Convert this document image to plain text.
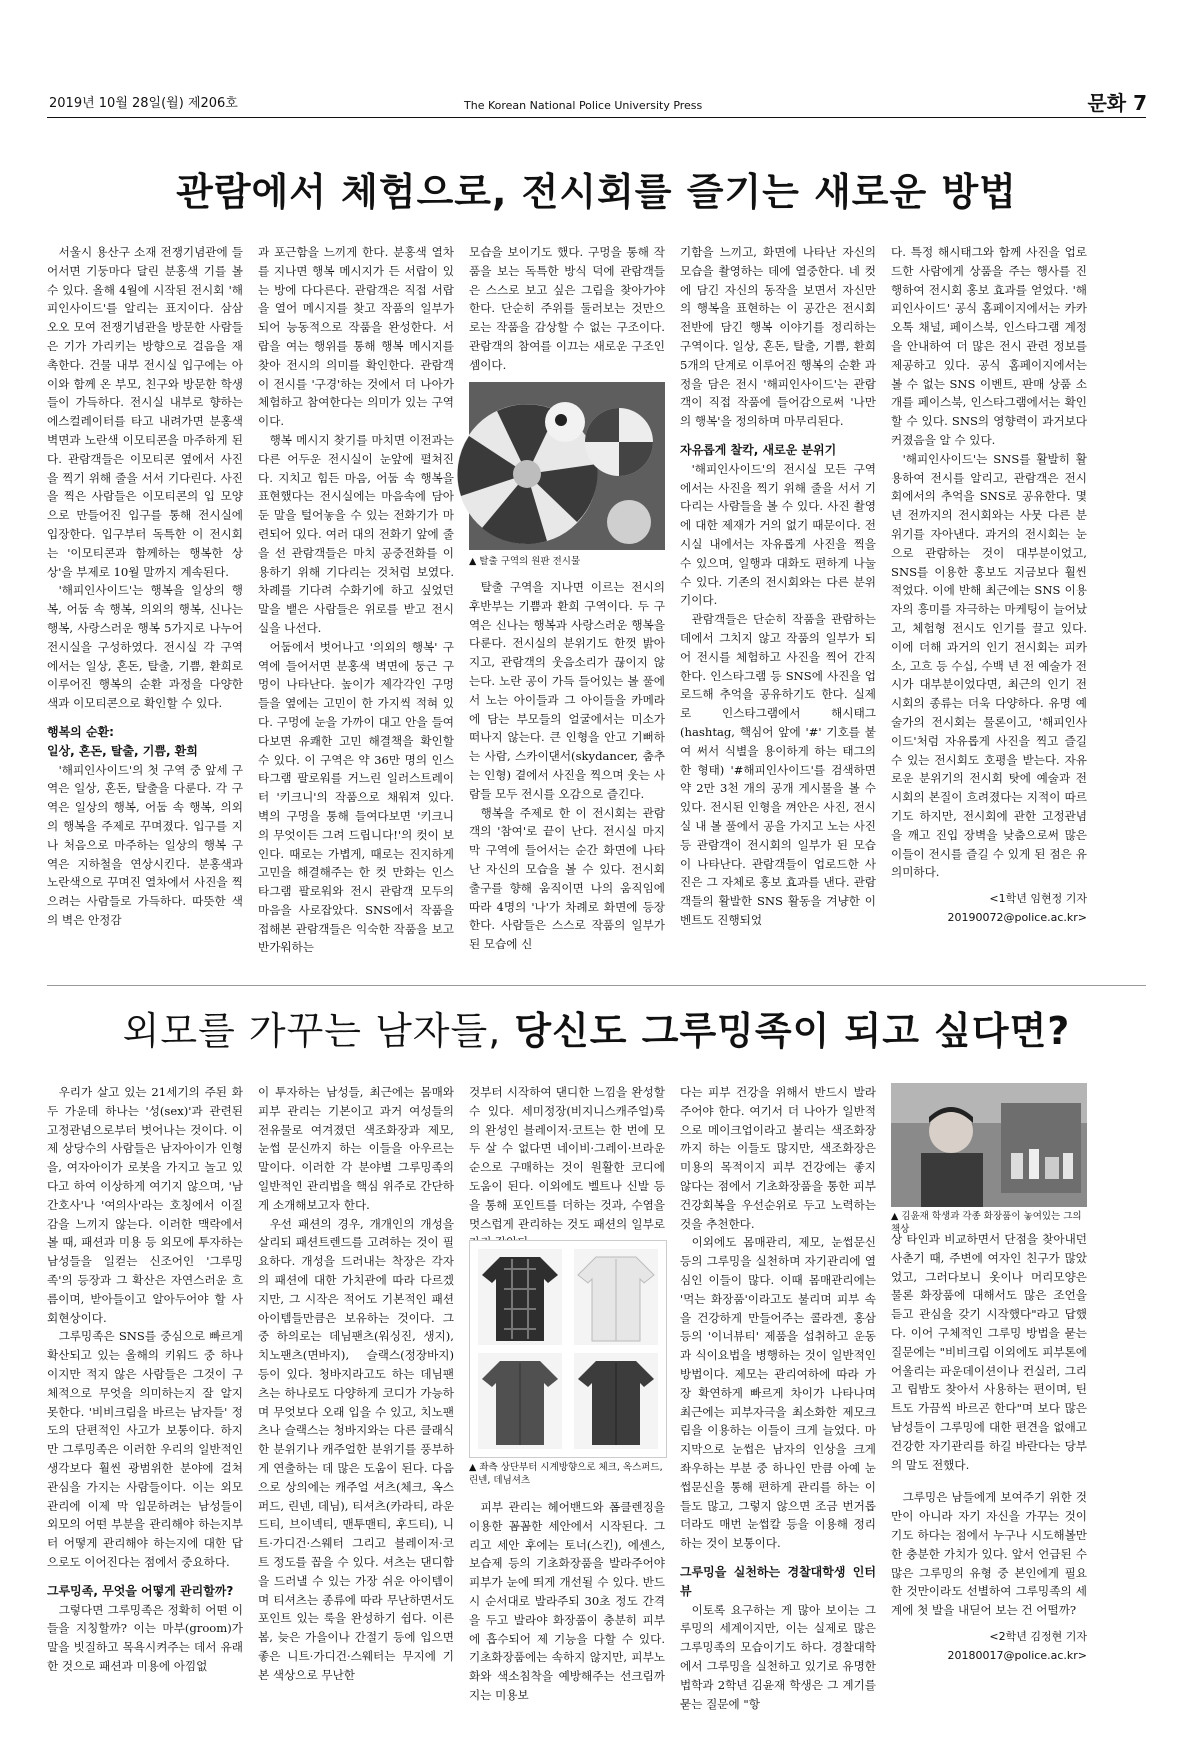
2019년 10월 28일(월) 제206호	The Korean National Police University Press	문화 7
관람에서 체험으로, 전시회를 즐기는 새로운 방법

서울시 용산구 소재 전쟁기념관에 들어서면 기둥마다 달린 분홍색 기를 볼 수 있다. 올해 4월에 시작된 전시회 '해피인사이드'를 알리는 표지이다. 삼삼오오 모여 전쟁기념관을 방문한 사람들은 기가 가리키는 방향으로 걸음을 재촉한다. 건물 내부 전시실 입구에는 아이와 함께 온 부모, 친구와 방문한 학생들이 가득하다. 전시실 내부로 향하는 에스컬레이터를 타고 내려가면 분홍색 벽면과 노란색 이모티콘을 마주하게 된다. 관람객들은 이모티콘 옆에서 사진을 찍기 위해 줄을 서서 기다린다. 사진을 찍은 사람들은 이모티콘의 입 모양으로 만들어진 입구를 통해 전시실에 입장한다. 입구부터 독특한 이 전시회는 '이모티콘과 함께하는 행복한 상상'을 부제로 10월 말까지 계속된다.

'해피인사이드'는 행복을 일상의 행복, 어둠 속 행복, 의외의 행복, 신나는 행복, 사랑스러운 행복 5가지로 나누어 전시실을 구성하였다. 전시실 각 구역에서는 일상, 혼돈, 탈출, 기쁨, 환희로 이루어진 행복의 순환 과정을 다양한 색과 이모티콘으로 확인할 수 있다.

행복의 순환:
일상, 혼돈, 탈출, 기쁨, 환희

'해피인사이드'의 첫 구역 중 앞세 구역은 일상, 혼돈, 탈출을 다룬다. 각 구역은 일상의 행복, 어둠 속 행복, 의외의 행복을 주제로 꾸며졌다. 입구를 지나 처음으로 마주하는 일상의 행복 구역은 지하철을 연상시킨다. 분홍색과 노란색으로 꾸며진 열차에서 사진을 찍으려는 사람들로 가득하다. 따뜻한 색의 벽은 안정감

과 포근함을 느끼게 한다. 분홍색 열차를 지나면 행복 메시지가 든 서랍이 있는 방에 다다른다. 관람객은 직접 서랍을 열어 메시지를 찾고 작품의 일부가 되어 능동적으로 작품을 완성한다. 서랍을 여는 행위를 통해 행복 메시지를 찾아 전시의 의미를 확인한다. 관람객이 전시를 '구경'하는 것에서 더 나아가 체험하고 참여한다는 의미가 있는 구역이다.

행복 메시지 찾기를 마치면 이전과는 다른 어두운 전시실이 눈앞에 펼쳐진다. 지치고 힘든 마음, 어둠 속 행복을 표현했다는 전시실에는 마음속에 담아 둔 말을 털어놓을 수 있는 전화기가 마련되어 있다. 여러 대의 전화기 앞에 줄을 선 관람객들은 마치 공중전화를 이용하기 위해 기다리는 것처럼 보였다. 차례를 기다려 수화기에 하고 싶었던 말을 뱉은 사람들은 위로를 받고 전시실을 나선다.

어둠에서 벗어나고 '의외의 행복' 구역에 들어서면 분홍색 벽면에 둥근 구멍이 나타난다. 높이가 제각각인 구멍들을 옆에는 고민이 한 가지씩 적혀 있다. 구멍에 눈을 가까이 대고 안을 들여다보면 유쾌한 고민 해결책을 확인할 수 있다. 이 구역은 약 36만 명의 인스타그램 팔로워를 거느린 일러스트레이터 '키크니'의 작품으로 채워져 있다. 벽의 구멍을 통해 들여다보면 '키크니의 무엇이든 그려 드립니다!'의 컷이 보인다. 때로는 가볍게, 때로는 진지하게 고민을 해결해주는 한 컷 만화는 인스타그램 팔로워와 전시 관람객 모두의 마음을 사로잡았다. SNS에서 작품을 접해본 관람객들은 익숙한 작품을 보고 반가워하는

모습을 보이기도 했다. 구멍을 통해 작품을 보는 독특한 방식 덕에 관람객들은 스스로 보고 싶은 그림을 찾아가야 한다. 단순히 주위를 둘러보는 것만으로는 작품을 감상할 수 없는 구조이다. 관람객의 참여를 이끄는 새로운 구조인 셈이다.

▲ 탈출 구역의 원판 전시물

탈출 구역을 지나면 이르는 전시의 후반부는 기쁨과 환희 구역이다. 두 구역은 신나는 행복과 사랑스러운 행복을 다룬다. 전시실의 분위기도 한껏 밝아지고, 관람객의 웃음소리가 끊이지 않는다. 노란 공이 가득 들어있는 볼 풀에서 노는 아이들과 그 아이들을 카메라에 담는 부모들의 얼굴에서는 미소가 떠나지 않는다. 큰 인형을 안고 기뻐하는 사람, 스카이댄서(skydancer, 춤추는 인형) 곁에서 사진을 찍으며 웃는 사람들 모두 전시를 오감으로 즐긴다.

행복을 주제로 한 이 전시회는 관람객의 '참여'로 끝이 난다. 전시실 마지막 구역에 들어서는 순간 화면에 나타난 자신의 모습을 볼 수 있다. 전시회 출구를 향해 움직이면 나의 움직임에 따라 4명의 '나'가 차례로 화면에 등장한다. 사람들은 스스로 작품의 일부가 된 모습에 신

기함을 느끼고, 화면에 나타난 자신의 모습을 촬영하는 데에 열중한다. 네 컷에 담긴 자신의 동작을 보면서 자신만의 행복을 표현하는 이 공간은 전시회 전반에 담긴 행복 이야기를 정리하는 구역이다. 일상, 혼돈, 탈출, 기쁨, 환희 5개의 단계로 이루어진 행복의 순환 과정을 담은 전시 '해피인사이드'는 관람객이 직접 작품에 들어감으로써 '나만의 행복'을 정의하며 마무리된다.

자유롭게 찰칵, 새로운 분위기

'해피인사이드'의 전시실 모든 구역에서는 사진을 찍기 위해 줄을 서서 기다리는 사람들을 볼 수 있다. 사진 촬영에 대한 제재가 거의 없기 때문이다. 전시실 내에서는 자유롭게 사진을 찍을 수 있으며, 일행과 대화도 편하게 나눌 수 있다. 기존의 전시회와는 다른 분위기이다.

관람객들은 단순히 작품을 관람하는 데에서 그치지 않고 작품의 일부가 되어 전시를 체험하고 사진을 찍어 간직한다. 인스타그램 등 SNS에 사진을 업로드해 추억을 공유하기도 한다. 실제로 인스타그램에서 해시태그(hashtag, 핵심어 앞에 '#' 기호를 붙여 써서 식별을 용이하게 하는 태그의 한 형태) '#해피인사이드'를 검색하면 약 2만 3천 개의 공개 게시물을 볼 수 있다. 전시된 인형을 껴안은 사진, 전시실 내 볼 풀에서 공을 가지고 노는 사진 등 관람객이 전시회의 일부가 된 모습이 나타난다. 관람객들이 업로드한 사진은 그 자체로 홍보 효과를 낸다. 관람객들의 활발한 SNS 활동을 겨냥한 이벤트도 진행되었

다. 특정 해시태그와 함께 사진을 업로드한 사람에게 상품을 주는 행사를 진행하여 전시회 홍보 효과를 얻었다. '해피인사이드' 공식 홈페이지에서는 카카오톡 채널, 페이스북, 인스타그램 계정을 안내하여 더 많은 전시 관련 정보를 제공하고 있다. 공식 홈페이지에서는 볼 수 없는 SNS 이벤트, 판매 상품 소개를 페이스북, 인스타그램에서는 확인할 수 있다. SNS의 영향력이 과거보다 커졌음을 알 수 있다.

'해피인사이드'는 SNS를 활발히 활용하여 전시를 알리고, 관람객은 전시회에서의 추억을 SNS로 공유한다. 몇 년 전까지의 전시회와는 사뭇 다른 분위기를 자아낸다. 과거의 전시회는 눈으로 관람하는 것이 대부분이었고, SNS를 이용한 홍보도 지금보다 훨씬 적었다. 이에 반해 최근에는 SNS 이용자의 흥미를 자극하는 마케팅이 늘어났고, 체험형 전시도 인기를 끌고 있다. 이에 더해 과거의 인기 전시회는 피카소, 고흐 등 수십, 수백 년 전 예술가 전시가 대부분이었다면, 최근의 인기 전시회의 종류는 더욱 다양하다. 유명 예술가의 전시회는 물론이고, '해피인사이드'처럼 자유롭게 사진을 찍고 즐길 수 있는 전시회도 호평을 받는다. 자유로운 분위기의 전시회 탓에 예술과 전시회의 본질이 흐려졌다는 지적이 따르기도 하지만, 전시회에 관한 고정관념을 깨고 진입 장벽을 낮춤으로써 많은 이들이 전시를 즐길 수 있게 된 점은 유의미하다.

<1학년 임현정 기자

20190072@police.ac.kr>

외모를 가꾸는 남자들, 당신도 그루밍족이 되고 싶다면?

우리가 살고 있는 21세기의 주된 화두 가운데 하나는 '성(sex)'과 관련된 고정관념으로부터 벗어나는 것이다. 이제 상당수의 사람들은 남자아이가 인형을, 여자아이가 로봇을 가지고 놀고 있다고 하여 이상하게 여기지 않으며, '남간호사'나 '여의사'라는 호칭에서 이질감을 느끼지 않는다. 이러한 맥락에서 볼 때, 패션과 미용 등 외모에 투자하는 남성들을 일컫는 신조어인 '그루밍족'의 등장과 그 확산은 자연스러운 흐름이며, 받아들이고 알아두어야 할 사회현상이다.

그루밍족은 SNS를 중심으로 빠르게 확산되고 있는 올해의 키워드 중 하나이지만 적지 않은 사람들은 그것이 구체적으로 무엇을 의미하는지 잘 알지 못한다. '비비크림을 바르는 남자들' 정도의 단편적인 사고가 보통이다. 하지만 그루밍족은 이러한 우리의 일반적인 생각보다 훨씬 광범위한 분야에 걸쳐 관심을 가지는 사람들이다. 이는 외모관리에 이제 막 입문하려는 남성들이 외모의 어떤 부분을 관리해야 하는지부터 어떻게 관리해야 하는지에 대한 답으로도 이어진다는 점에서 중요하다.

그루밍족, 무엇을 어떻게 관리할까?

그렇다면 그루밍족은 정확히 어떤 이들을 지칭할까? 이는 마부(groom)가 말을 빗질하고 목욕시켜주는 데서 유래한 것으로 패션과 미용에 아낌없

이 투자하는 남성들, 최근에는 몸매와 피부 관리는 기본이고 과거 여성들의 전유물로 여겨졌던 색조화장과 제모, 눈썹 문신까지 하는 이들을 아우르는 말이다. 이러한 각 분야별 그루밍족의 일반적인 관리법을 핵심 위주로 간단하게 소개해보고자 한다.

우선 패션의 경우, 개개인의 개성을 살리되 패션트렌드를 고려하는 것이 필요하다. 개성을 드러내는 착장은 각자의 패션에 대한 가치관에 따라 다르겠지만, 그 시작은 적어도 기본적인 패션 아이템들만큼은 보유하는 것이다. 그 중 하의로는 데님팬츠(워싱진, 생지), 치노팬츠(면바지), 슬랙스(정장바지) 등이 있다. 청바지라고도 하는 데님팬츠는 하나로도 다양하게 코디가 가능하며 무엇보다 오래 입을 수 있고, 치노팬츠나 슬랙스는 청바지와는 다른 클래식한 분위기나 캐주얼한 분위기를 풍부하게 연출하는 데 많은 도움이 된다. 다음으로 상의에는 캐주얼 셔츠(체크, 옥스퍼드, 린넨, 데님), 티셔츠(카라티, 라운드티, 브이넥티, 맨투맨티, 후드티), 니트·가디건·스웨터 그리고 블레이저·코트 정도를 꼽을 수 있다. 셔츠는 댄디함을 드러낼 수 있는 가장 쉬운 아이템이며 티셔츠는 종류에 따라 무난하면서도 포인트 있는 룩을 완성하기 쉽다. 이른 봄, 늦은 가을이나 간절기 등에 입으면 좋은 니트·가디건·스웨터는 무지에 기본 색상으로 무난한

것부터 시작하여 댄디한 느낌을 완성할 수 있다. 세미정장(비지니스캐주얼)룩의 완성인 블레이저·코트는 한 번에 모두 살 수 없다면 네이비·그레이·브라운 순으로 구매하는 것이 원활한 코디에 도움이 된다. 이외에도 벨트나 신발 등을 통해 포인트를 더하는 것과, 수염을 멋스럽게 관리하는 것도 패션의 일부로 자리 잡았다.

▲ 좌측 상단부터 시계방향으로 체크, 옥스퍼드, 린넨, 데님셔츠

피부 관리는 헤어밴드와 폼클렌징을 이용한 꼼꼼한 세안에서 시작된다. 그리고 세안 후에는 토너(스킨), 에센스, 보습제 등의 기초화장품을 발라주어야 피부가 눈에 띄게 개선될 수 있다. 반드시 순서대로 발라주되 30초 정도 간격을 두고 발라야 화장품이 충분히 피부에 흡수되어 제 기능을 다할 수 있다. 기초화장품에는 속하지 않지만, 피부노화와 색소침착을 예방해주는 선크림까지는 미용보

다는 피부 건강을 위해서 반드시 발라주어야 한다. 여기서 더 나아가 일반적으로 메이크업이라고 불리는 색조화장까지 하는 이들도 많지만, 색조화장은 미용의 목적이지 피부 건강에는 좋지 않다는 점에서 기초화장품을 통한 피부 건강회복을 우선순위로 두고 노력하는 것을 추천한다.

이외에도 몸매관리, 제모, 눈썹문신 등의 그루밍을 실천하며 자기관리에 열심인 이들이 많다. 이때 몸매관리에는 '먹는 화장품'이라고도 불리며 피부 속을 건강하게 만들어주는 콜라겐, 홍삼 등의 '이너뷰티' 제품을 섭취하고 운동과 식이요법을 병행하는 것이 일반적인 방법이다. 제모는 관리여하에 따라 가장 확연하게 빠르게 차이가 나타나며 최근에는 피부자극을 최소화한 제모크림을 이용하는 이들이 크게 늘었다. 마지막으로 눈썹은 남자의 인상을 크게 좌우하는 부분 중 하나인 만큼 아예 눈썹문신을 통해 편하게 관리를 하는 이들도 많고, 그렇지 않으면 조금 번거롭더라도 매번 눈썹칼 등을 이용해 정리하는 것이 보통이다.

그루밍을 실천하는 경찰대학생 인터뷰

이토록 요구하는 게 많아 보이는 그루밍의 세계이지만, 이는 실제로 많은 그루밍족의 모습이기도 하다. 경찰대학에서 그루밍을 실천하고 있기로 유명한 법학과 2학년 김윤재 학생은 그 계기를 묻는 질문에 "항

▲ 김윤재 학생과 각종 화장품이 놓여있는 그의 책상

상 타인과 비교하면서 단점을 찾아내던 사춘기 때, 주변에 여자인 친구가 많았었고, 그러다보니 옷이나 머리모양은 물론 화장품에 대해서도 많은 조언을 듣고 관심을 갖기 시작했다"라고 답했다. 이어 구체적인 그루밍 방법을 묻는 질문에는 "비비크림 이외에도 피부톤에 어울리는 파운데이션이나 컨실러, 그리고 립밤도 찾아서 사용하는 편이며, 틴트도 가끔씩 바르곤 한다"며 보다 많은 남성들이 그루밍에 대한 편견을 없애고 건강한 자기관리를 하길 바란다는 당부의 말도 전했다.

그루밍은 남들에게 보여주기 위한 것만이 아니라 자기 자신을 가꾸는 것이기도 하다는 점에서 누구나 시도해볼만한 충분한 가치가 있다. 앞서 언급된 수많은 그루밍의 유형 중 본인에게 필요한 것만이라도 선별하여 그루밍족의 세계에 첫 발을 내딛어 보는 건 어떨까?

<2학년 김정현 기자

20180017@police.ac.kr>
